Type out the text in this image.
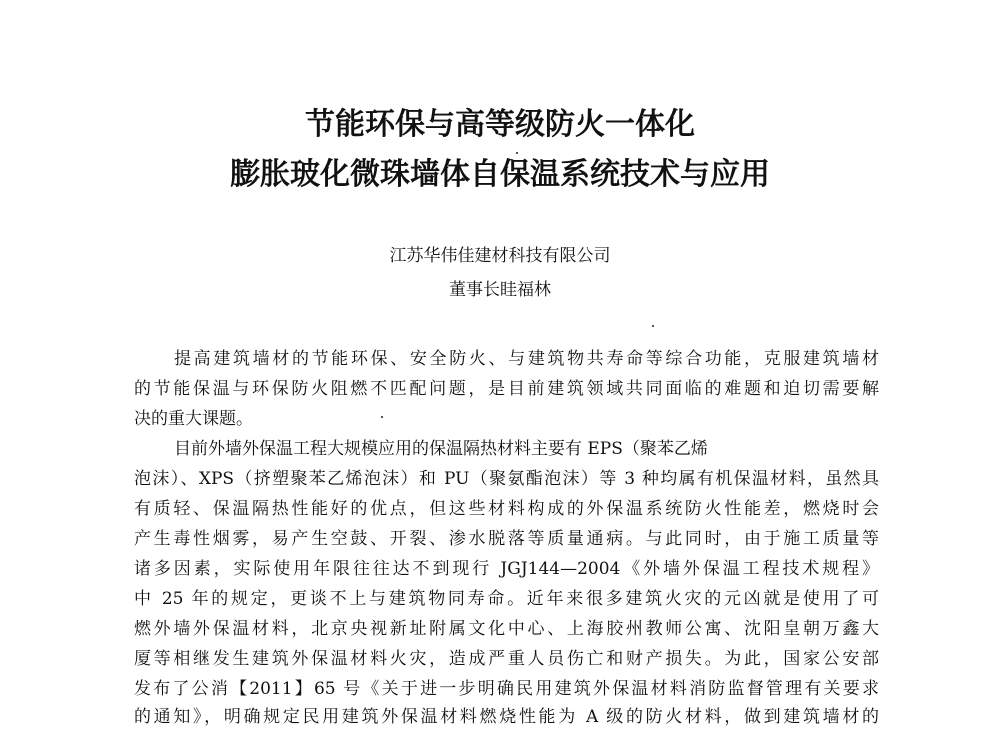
节能环保与高等级防火一体化
膨胀玻化微珠墙体自保温系统技术与应用
江苏华伟佳建材科技有限公司
董事长眭福林
提高建筑墙材的节能环保、安全防火、与建筑物共寿命等综合功能，克服建筑墙材
的节能保温与环保防火阻燃不匹配问题，是目前建筑领域共同面临的难题和迫切需要解
决的重大课题。
目前外墙外保温工程大规模应用的保温隔热材料主要有 EPS（聚苯乙烯
泡沫）、XPS（挤塑聚苯乙烯泡沫）和 PU（聚氨酯泡沫）等 3 种均属有机保温材料，虽然具
有质轻、保温隔热性能好的优点，但这些材料构成的外保温系统防火性能差，燃烧时会
产生毒性烟雾，易产生空鼓、开裂、渗水脱落等质量通病。与此同时，由于施工质量等
诸多因素，实际使用年限往往达不到现行 JGJ144—2004《外墙外保温工程技术规程》
中 25 年的规定，更谈不上与建筑物同寿命。近年来很多建筑火灾的元凶就是使用了可
燃外墙外保温材料，北京央视新址附属文化中心、上海胶州教师公寓、沈阳皇朝万鑫大
厦等相继发生建筑外保温材料火灾，造成严重人员伤亡和财产损失。为此，国家公安部
发布了公消【2011】65 号《关于进一步明确民用建筑外保温材料消防监督管理有关要求
的通知》，明确规定民用建筑外保温材料燃烧性能为 A 级的防火材料，做到建筑墙材的
